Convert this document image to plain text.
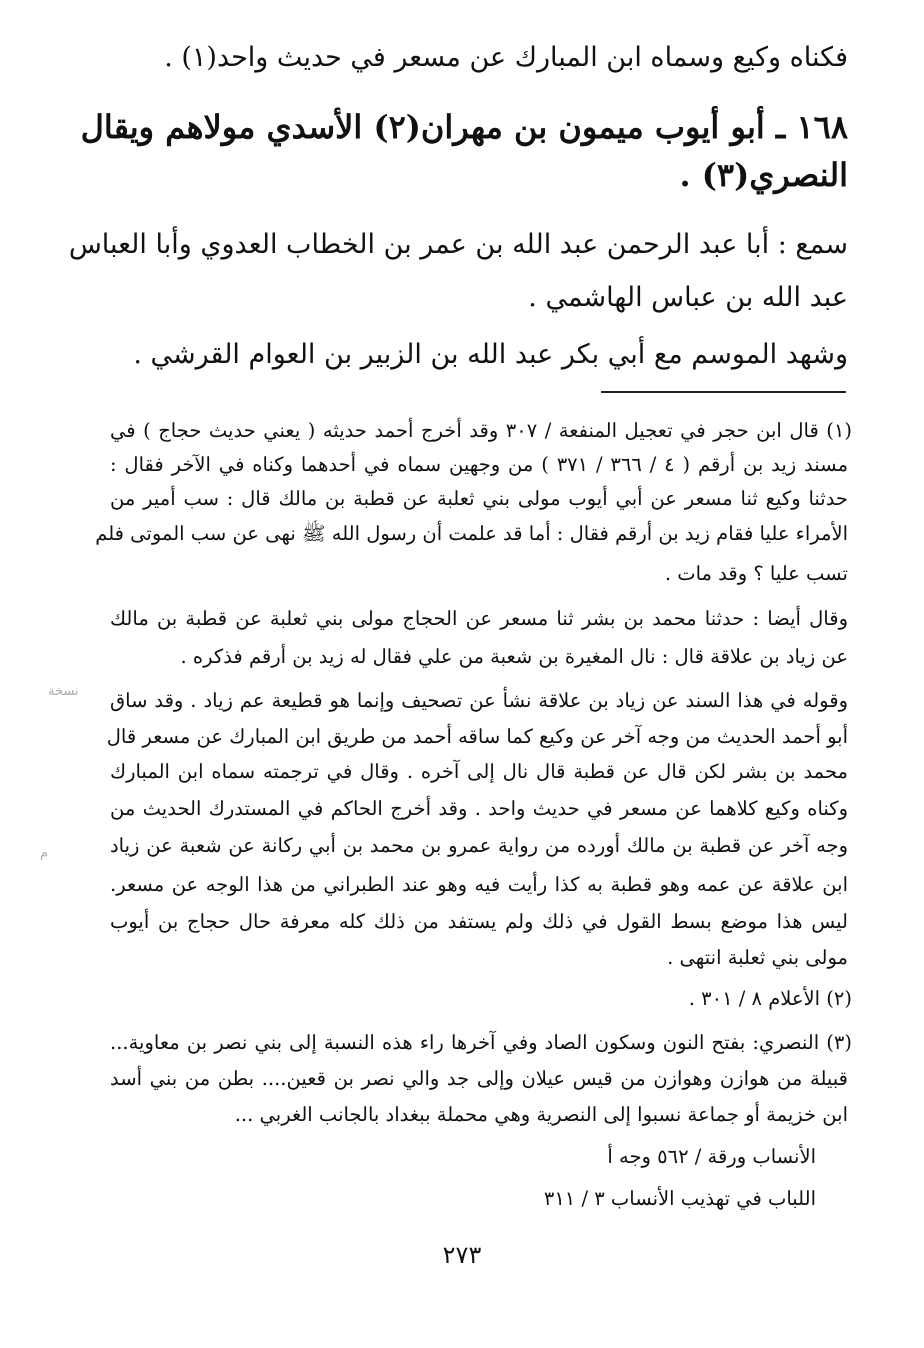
فكناه وكيع وسماه ابن المبارك عن مسعر في حديث واحد(١) .
١٦٨ ـ أبو أيوب ميمون بن مهران(٢) الأسدي مولاهم ويقال
النصري(٣) .
سمع : أبا عبد الرحمن عبد الله بن عمر بن الخطاب العدوي وأبا العباس
عبد الله بن عباس الهاشمي .
وشهد الموسم مع أبي بكر عبد الله بن الزبير بن العوام القرشي .
(١) قال ابن حجر في تعجيل المنفعة / ٣٠٧ وقد أخرج أحمد حديثه ( يعني حديث حجاج ) في
مسند زيد بن أرقم ( ٤ / ٣٦٦ / ٣٧١ ) من وجهين سماه في أحدهما وكناه في الآخر فقال :
حدثنا وكيع ثنا مسعر عن أبي أيوب مولى بني ثعلبة عن قطبة بن مالك قال : سب أمير من
الأمراء عليا فقام زيد بن أرقم فقال : أما قد علمت أن رسول الله ﷺ نهى عن سب الموتى فلم
تسب عليا ؟ وقد مات .
وقال أيضا : حدثنا محمد بن بشر ثنا مسعر عن الحجاج مولى بني ثعلبة عن قطبة بن مالك
عن زياد بن علاقة قال : نال المغيرة بن شعبة من علي فقال له زيد بن أرقم فذكره .
وقوله في هذا السند عن زياد بن علاقة نشأ عن تصحيف وإنما هو قطيعة عم زياد . وقد ساق
أبو أحمد الحديث من وجه آخر عن وكيع كما ساقه أحمد من طريق ابن المبارك عن مسعر قال
محمد بن بشر لكن قال عن قطبة قال نال إلى آخره . وقال في ترجمته سماه ابن المبارك
وكناه وكيع كلاهما عن مسعر في حديث واحد . وقد أخرج الحاكم في المستدرك الحديث من
وجه آخر عن قطبة بن مالك أورده من رواية عمرو بن محمد بن أبي ركانة عن شعبة عن زياد
ابن علاقة عن عمه وهو قطبة به كذا رأيت فيه وهو عند الطبراني من هذا الوجه عن مسعر.
ليس هذا موضع بسط القول في ذلك ولم يستفد من ذلك كله معرفة حال حجاج بن أيوب
مولى بني ثعلبة انتهى .
(٢) الأعلام ٨ / ٣٠١ .
(٣) النصري: بفتح النون وسكون الصاد وفي آخرها راء هذه النسبة إلى بني نصر بن معاوية...
قبيلة من هوازن وهوازن من قيس عيلان وإلى جد والي نصر بن قعين.... بطن من بني أسد
ابن خزيمة أو جماعة نسبوا إلى النصرية وهي محملة ببغداد بالجانب الغربي ...
الأنساب ورقة / ٥٦٢ وجه أ
اللباب في تهذيب الأنساب ٣ / ٣١١
٢٧٣
نسخة
م
